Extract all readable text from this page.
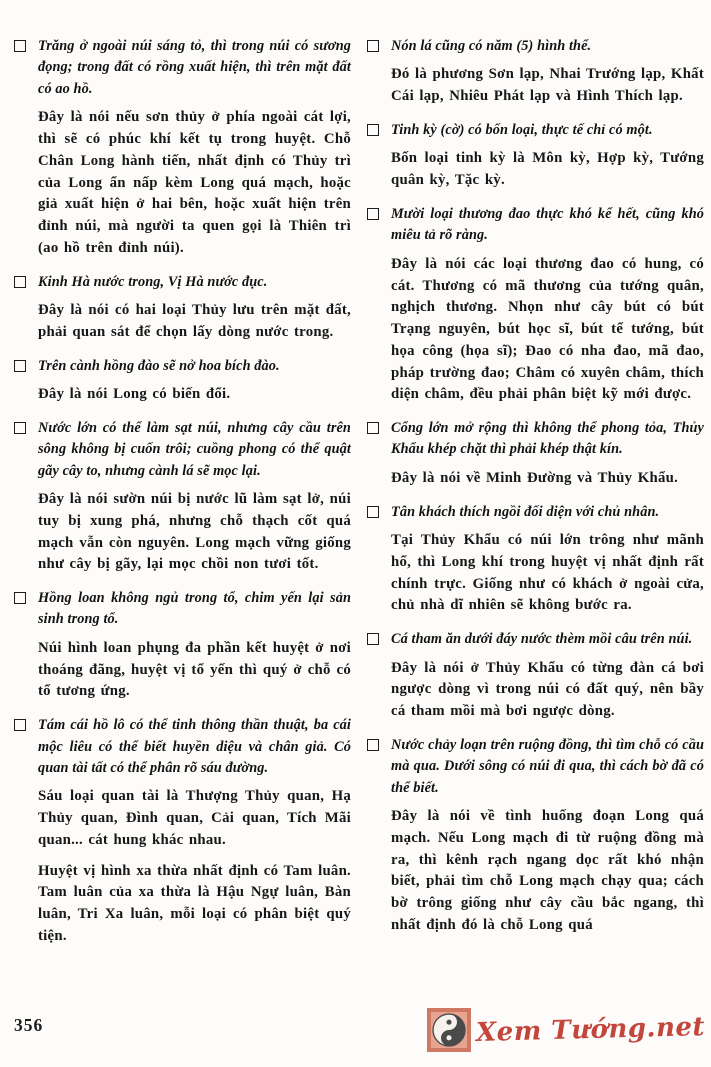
Trăng ở ngoài núi sáng tỏ, thì trong núi có sương đọng; trong đất có rồng xuất hiện, thì trên mặt đất có ao hồ.

Đây là nói nếu sơn thủy ở phía ngoài cát lợi, thì sẽ có phúc khí kết tụ trong huyệt. Chỗ Chân Long hành tiến, nhất định có Thủy trì của Long ẩn nấp kèm Long quá mạch, hoặc giả xuất hiện ở hai bên, hoặc xuất hiện trên đỉnh núi, mà người ta quen gọi là Thiên trì (ao hồ trên đỉnh núi).

Kinh Hà nước trong, Vị Hà nước đục.

Đây là nói có hai loại Thủy lưu trên mặt đất, phải quan sát để chọn lấy dòng nước trong.

Trên cành hồng đào sẽ nở hoa bích đào.

Đây là nói Long có biến đổi.

Nước lớn có thể làm sạt núi, nhưng cây cầu trên sông không bị cuốn trôi; cuồng phong có thể quật gãy cây to, nhưng cành lá sẽ mọc lại.

Đây là nói sườn núi bị nước lũ làm sạt lở, núi tuy bị xung phá, nhưng chỗ thạch cốt quá mạch vẫn còn nguyên. Long mạch vững giống như cây bị gãy, lại mọc chồi non tươi tốt.

Hồng loan không ngủ trong tổ, chim yến lại sản sinh trong tổ.

Núi hình loan phụng đa phần kết huyệt ở nơi thoáng đãng, huyệt vị tổ yến thì quý ở chỗ có tổ tương ứng.

Tám cái hồ lô có thể tinh thông thần thuật, ba cái mộc liêu có thể biết huyền diệu và chân giả. Có quan tài tất có thể phân rõ sáu đường.

Sáu loại quan tài là Thượng Thủy quan, Hạ Thủy quan, Đình quan, Cải quan, Tích Mãi quan... cát hung khác nhau.

Huyệt vị hình xa thừa nhất định có Tam luân. Tam luân của xa thừa là Hậu Ngự luân, Bàn luân, Tri Xa luân, mỗi loại có phân biệt quý tiện.

Nón lá cũng có năm (5) hình thể.

Đó là phương Sơn lạp, Nhai Trướng lạp, Khất Cái lạp, Nhiêu Phát lạp và Hình Thích lạp.

Tinh kỳ (cờ) có bốn loại, thực tế chỉ có một.

Bốn loại tinh kỳ là Môn kỳ, Hợp kỳ, Tướng quân kỳ, Tặc kỳ.

Mười loại thương đao thực khó kể hết, cũng khó miêu tả rõ ràng.

Đây là nói các loại thương đao có hung, có cát. Thương có mã thương của tướng quân, nghịch thương. Nhọn như cây bút có bút Trạng nguyên, bút học sĩ, bút tể tướng, bút họa công (họa sĩ); Đao có nha đao, mã đao, pháp trường đao; Châm có xuyên châm, thích diện châm, đều phải phân biệt kỹ mới được.

Cổng lớn mở rộng thì không thể phong tỏa, Thủy Khẩu khép chặt thì phải khép thật kín.

Đây là nói về Minh Đường và Thủy Khẩu.

Tân khách thích ngồi đối diện với chủ nhân.

Tại Thủy Khẩu có núi lớn trông như mãnh hổ, thì Long khí trong huyệt vị nhất định rất chính trực. Giống như có khách ở ngoài cửa, chủ nhà dĩ nhiên sẽ không bước ra.

Cá tham ăn dưới đáy nước thèm mồi câu trên núi.

Đây là nói ở Thủy Khẩu có từng đàn cá bơi ngược dòng vì trong núi có đất quý, nên bầy cá tham mồi mà bơi ngược dòng.

Nước chảy loạn trên ruộng đồng, thì tìm chỗ có cầu mà qua. Dưới sông có núi đi qua, thì cách bờ đã có thể biết.

Đây là nói về tình huống đoạn Long quá mạch. Nếu Long mạch đi từ ruộng đồng mà ra, thì kênh rạch ngang dọc rất khó nhận biết, phải tìm chỗ Long mạch chạy qua; cách bờ trông giống như cây cầu bắc ngang, thì nhất định đó là chỗ Long quá

356	Xem Tướng.net
